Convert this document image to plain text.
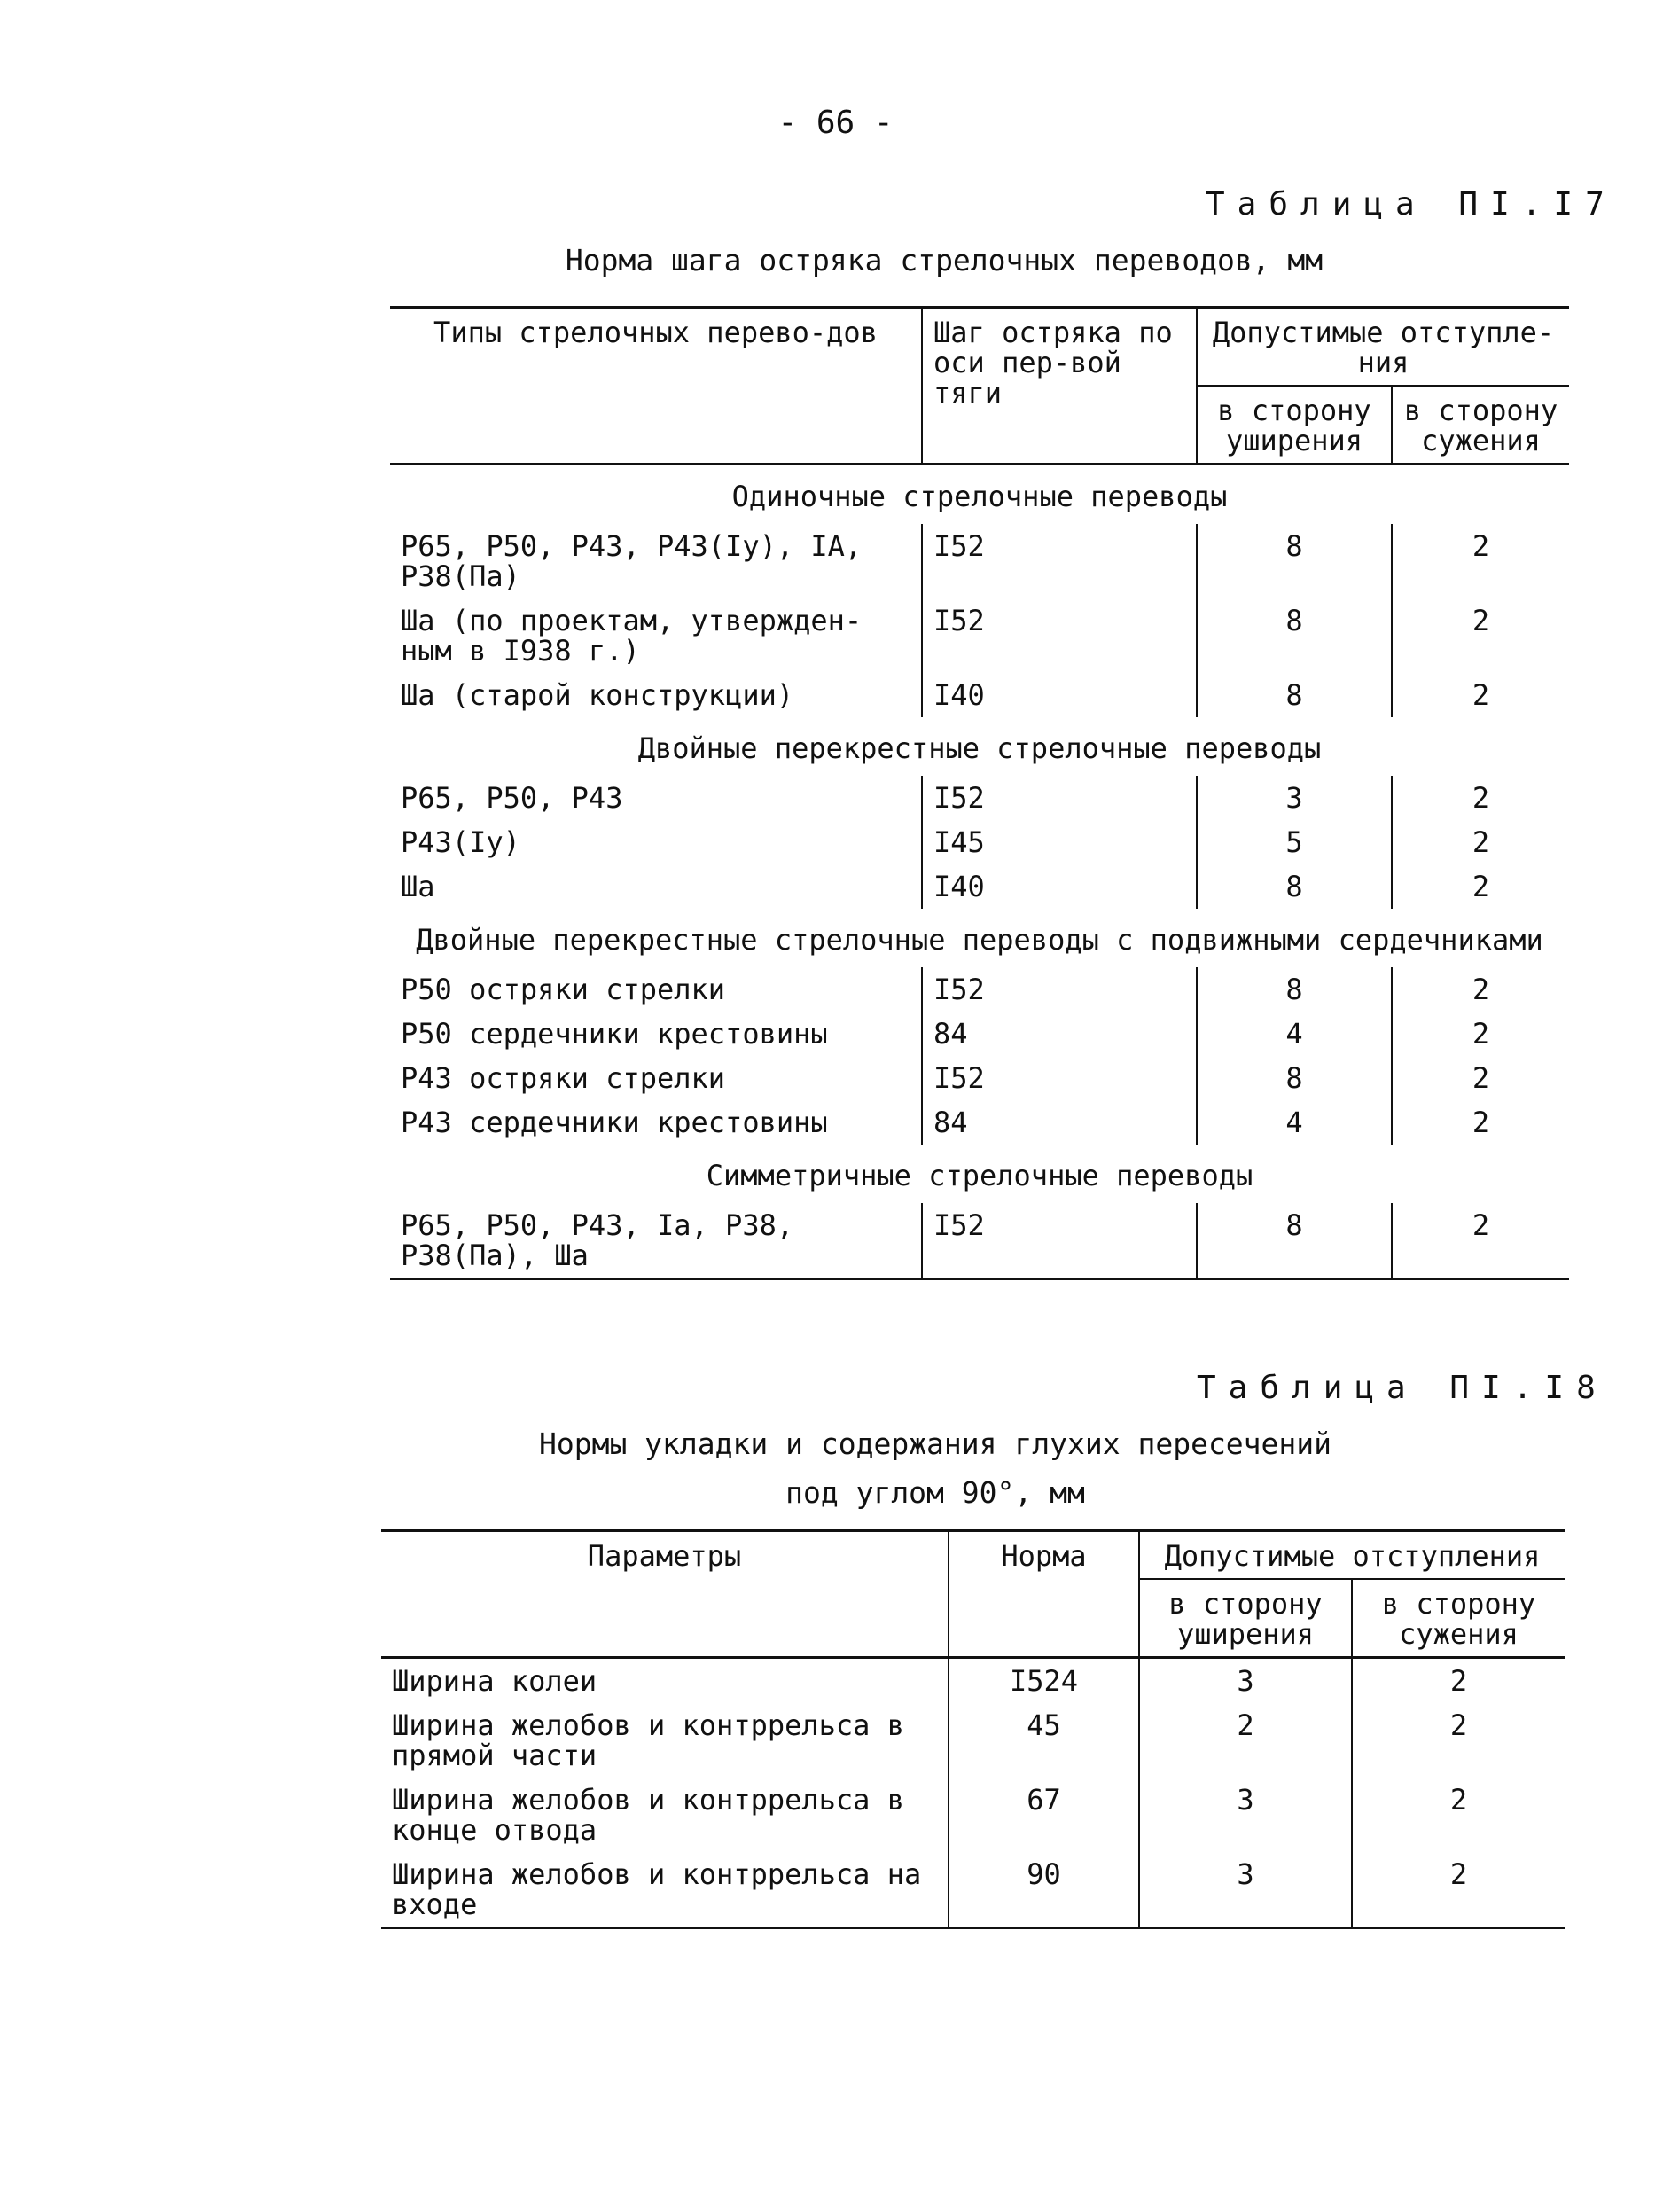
- 66 -
Таблица ПI.I7
Норма шага остряка стрелочных переводов, мм
Типы стрелочных перево-дов	Шаг остряка по оси пер-вой тяги	Допустимые отступле-ния	
		в сторону уширения	в сторону сужения
Одиночные стрелочные переводы			
Р65, Р50, Р43, Р43(Iу), IA, Р38(Па)	I52	8	2
Ша (по проектам, утвержден-ным в I938 г.)	I52	8	2
Ша (старой конструкции)	I40	8	2
Двойные перекрестные стрелочные переводы			
Р65, Р50, Р43	I52	3	2
Р43(Iу)	I45	5	2
Ша	I40	8	2
Двойные перекрестные стрелочные переводы с подвижными сердечниками			
Р50 остряки стрелки	I52	8	2
Р50 сердечники крестовины	84	4	2
Р43 остряки стрелки	I52	8	2
Р43 сердечники крестовины	84	4	2
Симметричные стрелочные переводы			
Р65, Р50, Р43, Iа, Р38, Р38(Па), Ша	I52	8	2
Таблица ПI.I8
Нормы укладки и содержания глухих пересечений
под углом 90°, мм
Параметры	Норма	Допустимые отступления	
		в сторону уширения	в сторону сужения
Ширина колеи	I524	3	2
Ширина желобов и контррельса в прямой части	45	2	2
Ширина желобов и контррельса в конце отвода	67	3	2
Ширина желобов и контррельса на входе	90	3	2
